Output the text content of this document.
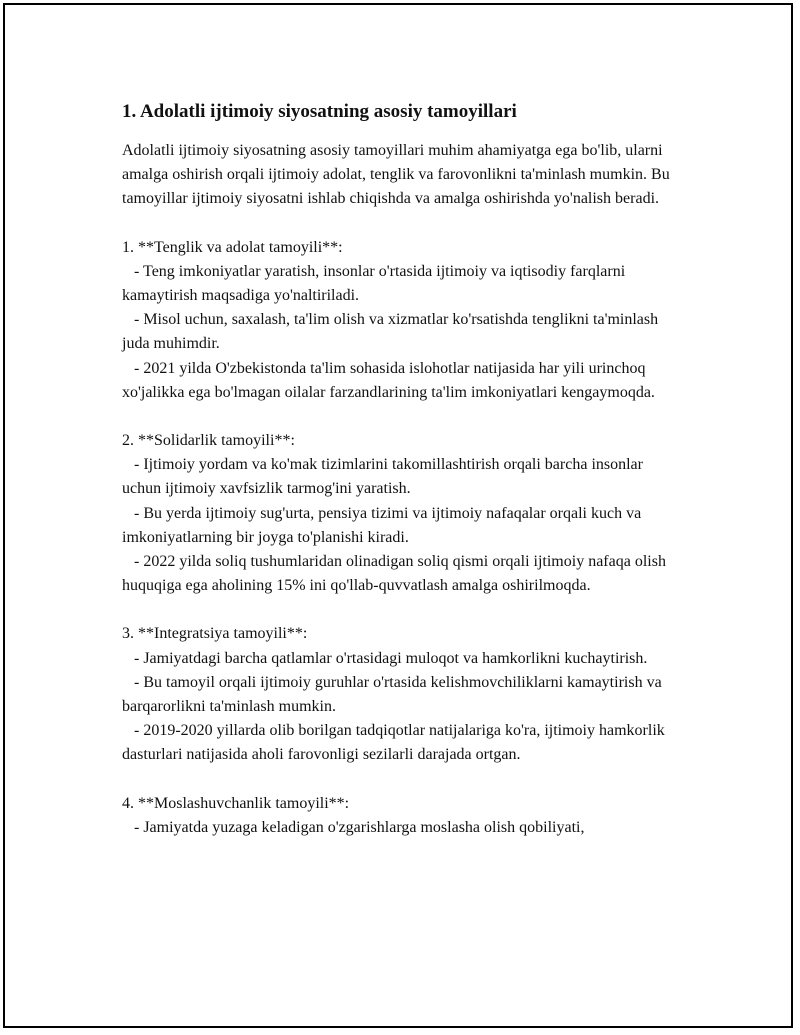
1. Adolatli ijtimoiy siyosatning asosiy tamoyillari

Adolatli ijtimoiy siyosatning asosiy tamoyillari muhim ahamiyatga ega bo'lib, ularni amalga oshirish orqali ijtimoiy adolat, tenglik va farovonlikni ta'minlash mumkin. Bu tamoyillar ijtimoiy siyosatni ishlab chiqishda va amalga oshirishda yo'nalish beradi.

1. **Tenglik va adolat tamoyili**:

- Teng imkoniyatlar yaratish, insonlar o'rtasida ijtimoiy va iqtisodiy farqlarni kamaytirish maqsadiga yo'naltiriladi.

- Misol uchun, saxalash, ta'lim olish va xizmatlar ko'rsatishda tenglikni ta'minlash juda muhimdir.

- 2021 yilda O'zbekistonda ta'lim sohasida islohotlar natijasida har yili urinchoq xo'jalikka ega bo'lmagan oilalar farzandlarining ta'lim imkoniyatlari kengaymoqda.

2. **Solidarlik tamoyili**:

- Ijtimoiy yordam va ko'mak tizimlarini takomillashtirish orqali barcha insonlar uchun ijtimoiy xavfsizlik tarmog'ini yaratish.

- Bu yerda ijtimoiy sug'urta, pensiya tizimi va ijtimoiy nafaqalar orqali kuch va imkoniyatlarning bir joyga to'planishi kiradi.

- 2022 yilda soliq tushumlaridan olinadigan soliq qismi orqali ijtimoiy nafaqa olish huquqiga ega aholining 15% ini qo'llab-quvvatlash amalga oshirilmoqda.

3. **Integratsiya tamoyili**:

- Jamiyatdagi barcha qatlamlar o'rtasidagi muloqot va hamkorlikni kuchaytirish.

- Bu tamoyil orqali ijtimoiy guruhlar o'rtasida kelishmovchiliklarni kamaytirish va barqarorlikni ta'minlash mumkin.

- 2019-2020 yillarda olib borilgan tadqiqotlar natijalariga ko'ra, ijtimoiy hamkorlik dasturlari natijasida aholi farovonligi sezilarli darajada ortgan.

4. **Moslashuvchanlik tamoyili**:

- Jamiyatda yuzaga keladigan o'zgarishlarga moslasha olish qobiliyati,
